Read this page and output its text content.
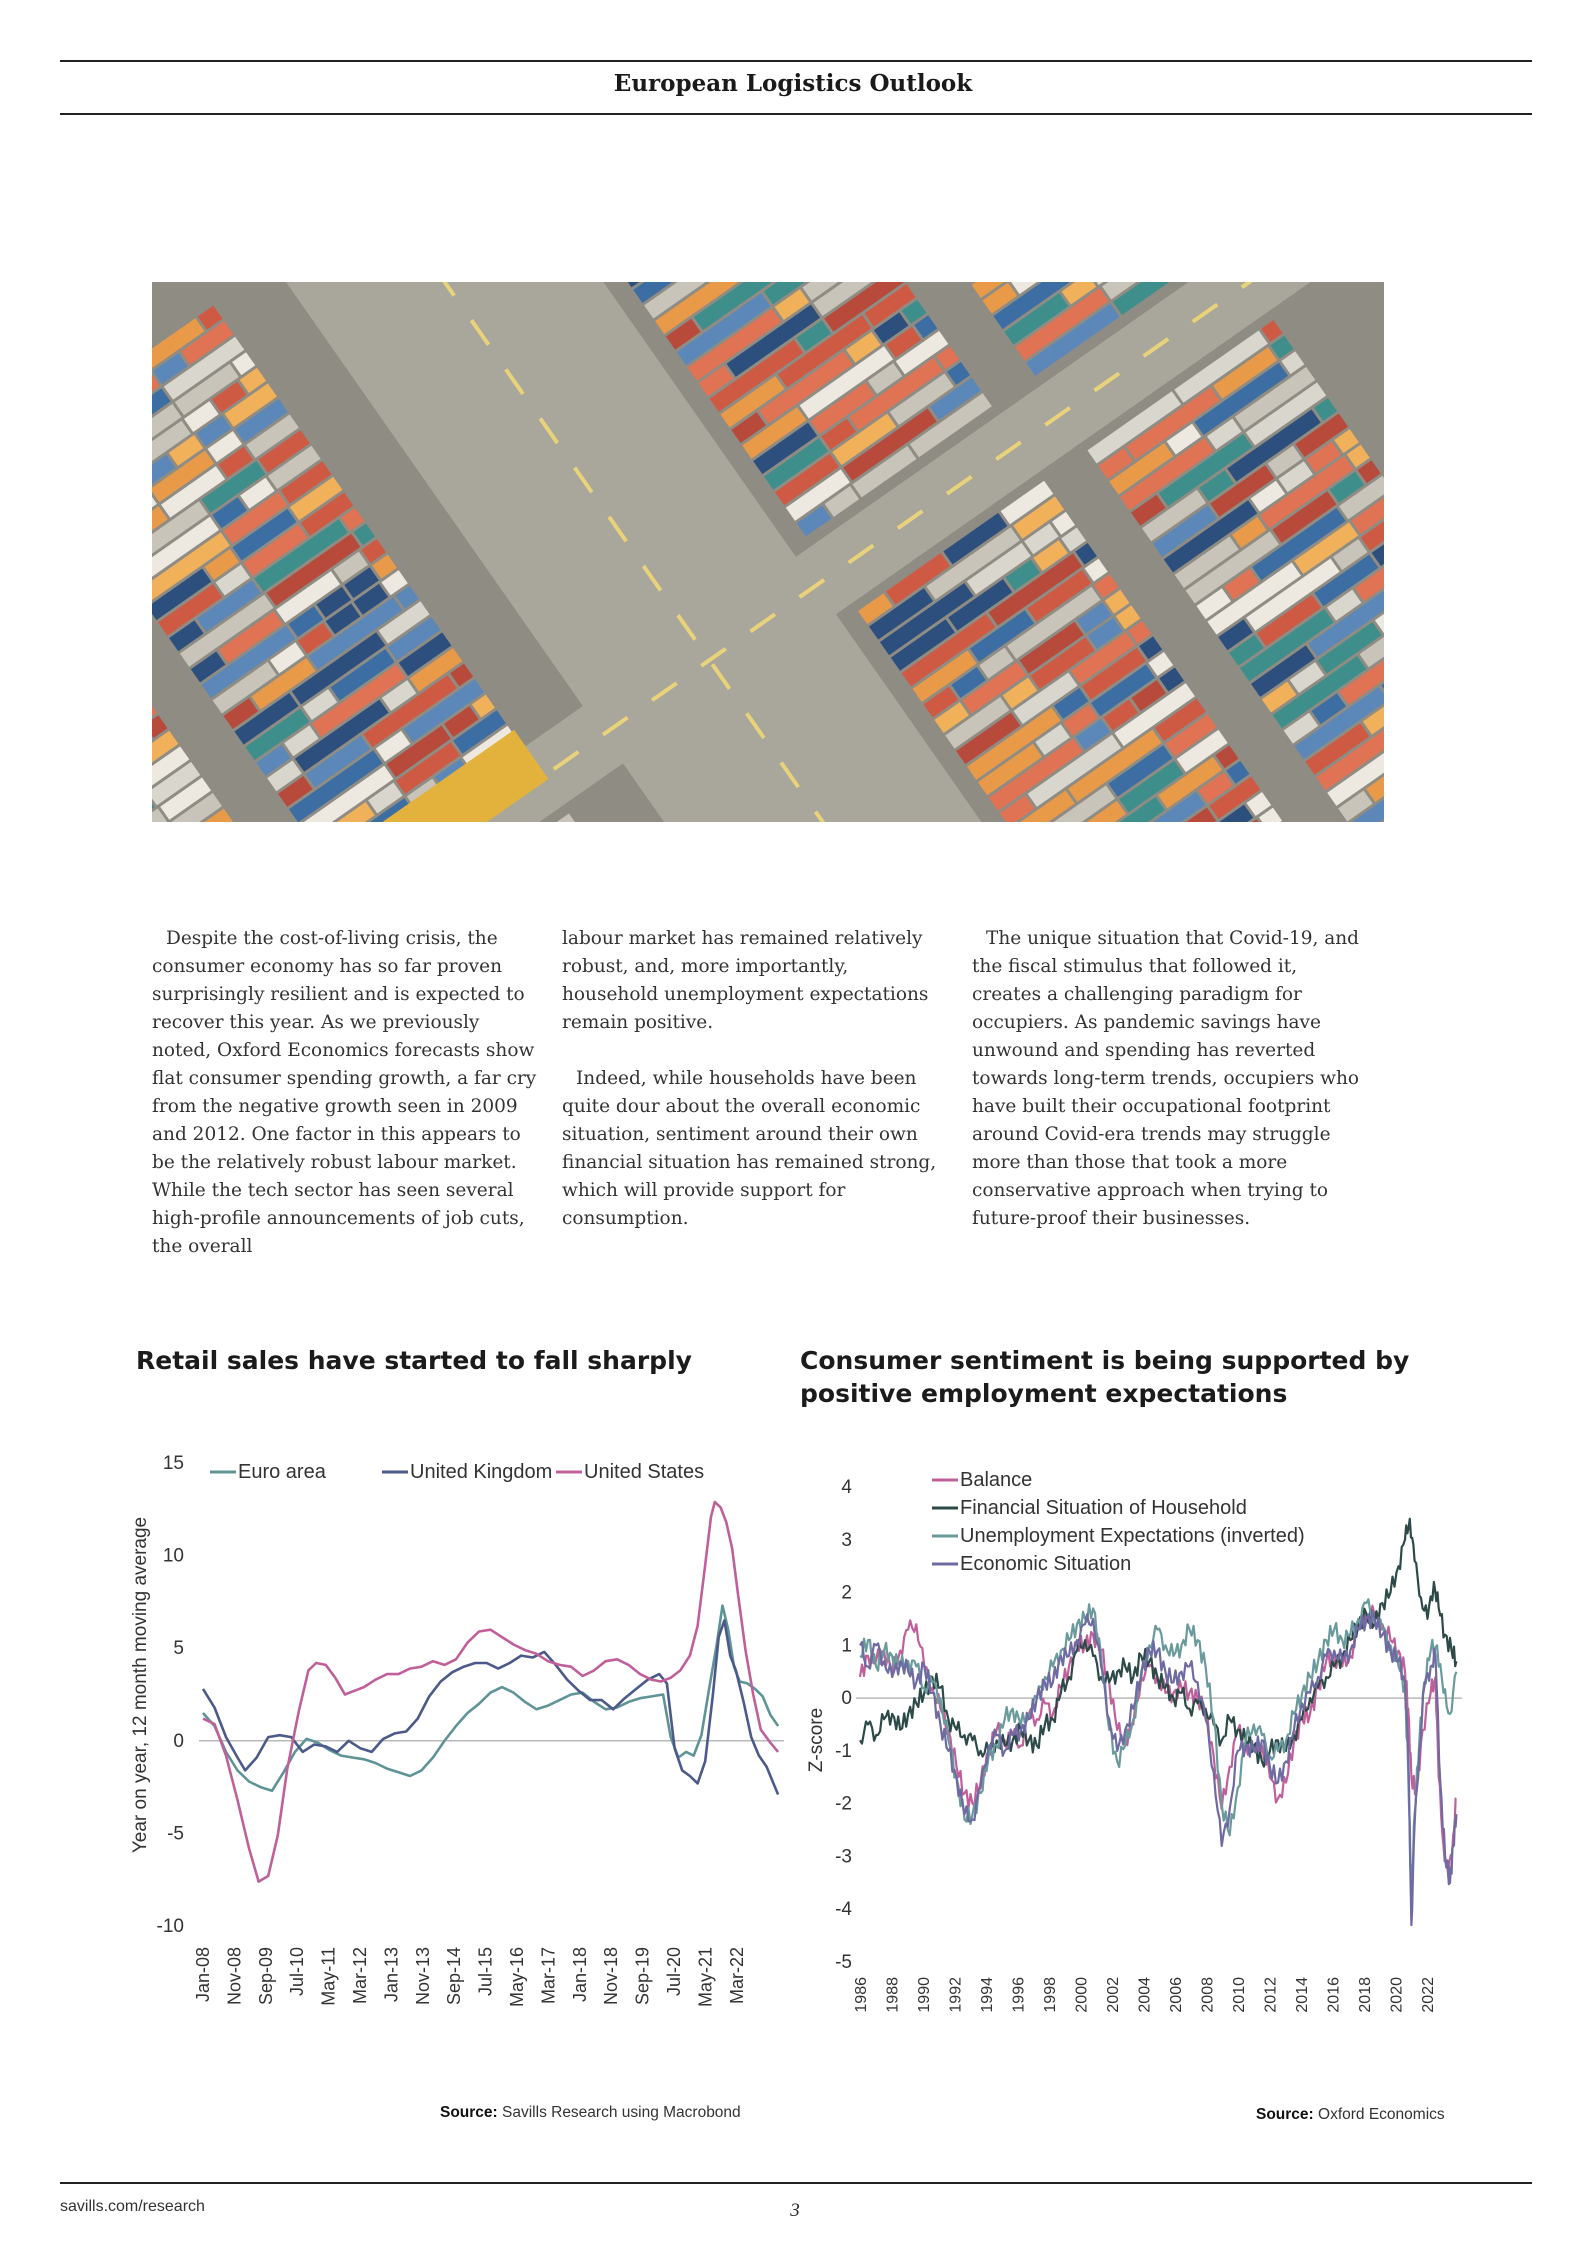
European Logistics Outlook

Despite the cost-of-living crisis, the consumer economy has so far proven surprisingly resilient and is expected to recover this year. As we previously noted, Oxford Economics forecasts show flat consumer spending growth, a far cry from the negative growth seen in 2009 and 2012. One factor in this appears to be the relatively robust labour market. While the tech sector has seen several high-profile announcements of job cuts, the overall

labour market has remained relatively robust, and, more importantly, household unemployment expectations remain positive.

Indeed, while households have been quite dour about the overall economic situation, sentiment around their own financial situation has remained strong, which will provide support for consumption.

The unique situation that Covid-19, and the fiscal stimulus that followed it, creates a challenging paradigm for occupiers. As pandemic savings have unwound and spending has reverted towards long-term trends, occupiers who have built their occupational footprint around Covid-era trends may struggle more than those that took a more conservative approach when trying to future-proof their businesses.

Retail sales have started to fall sharply	Consumer sentiment is being supported by positive employment expectations
15
10
5
0
-5
-10
Year on year, 12 month moving average
Jan-08 Nov-08 Sep-09 Jul-10 May-11 Mar-12 Jan-13 Nov-13 Sep-14 Jul-15 May-16 Mar-17 Jan-18 Nov-18 Sep-19 Jul-20 May-21 Mar-22
Euro area	United Kingdom United States
4
3
2
1
0
-1
-2
-3
-4
-5
Z-score
1986 1988 1990 1992 1994 1996 1998 2000 2002 2004 2006 2008 2010 2012 2014 2016 2018 2020 2022
Balance
Financial Situation of Household
Unemployment Expectations (inverted)
Economic Situation
Source: Savills Research using Macrobond	Source: Oxford Economics
savills.com/research	3
